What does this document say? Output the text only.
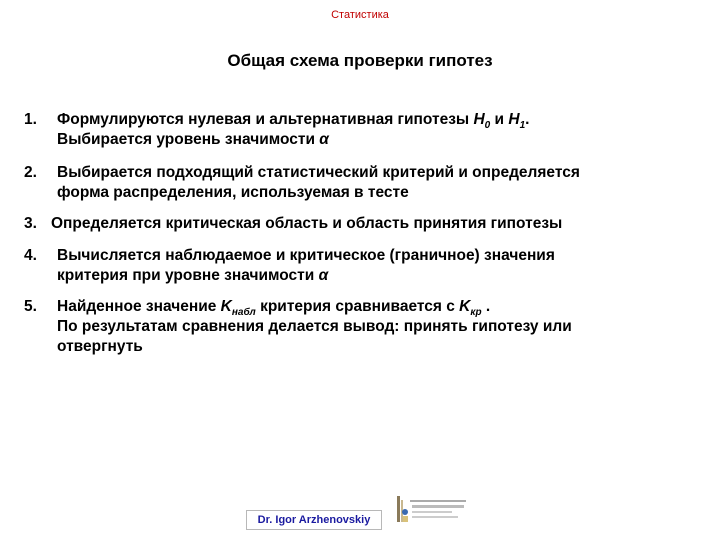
Статистика
Общая схема проверки гипотез
1.	Формулируются нулевая и альтернативная гипотезы $H_0$ и $H_1$.
Выбирается уровень значимости α
2.	Выбирается подходящий статистический критерий и определяется
форма распределения, используемая в тесте
3. Определяется критическая область и область принятия гипотезы
4.	Вычисляется наблюдаемое и критическое (граничное) значения
критерия при уровне значимости α
5.	Найденное значение $K_{набл}$ критерия сравнивается с $K_{кр}$ .
По результатам сравнения делается вывод: принять гипотезу или
отвергнуть
Dr. Igor Arzhenovskiy
